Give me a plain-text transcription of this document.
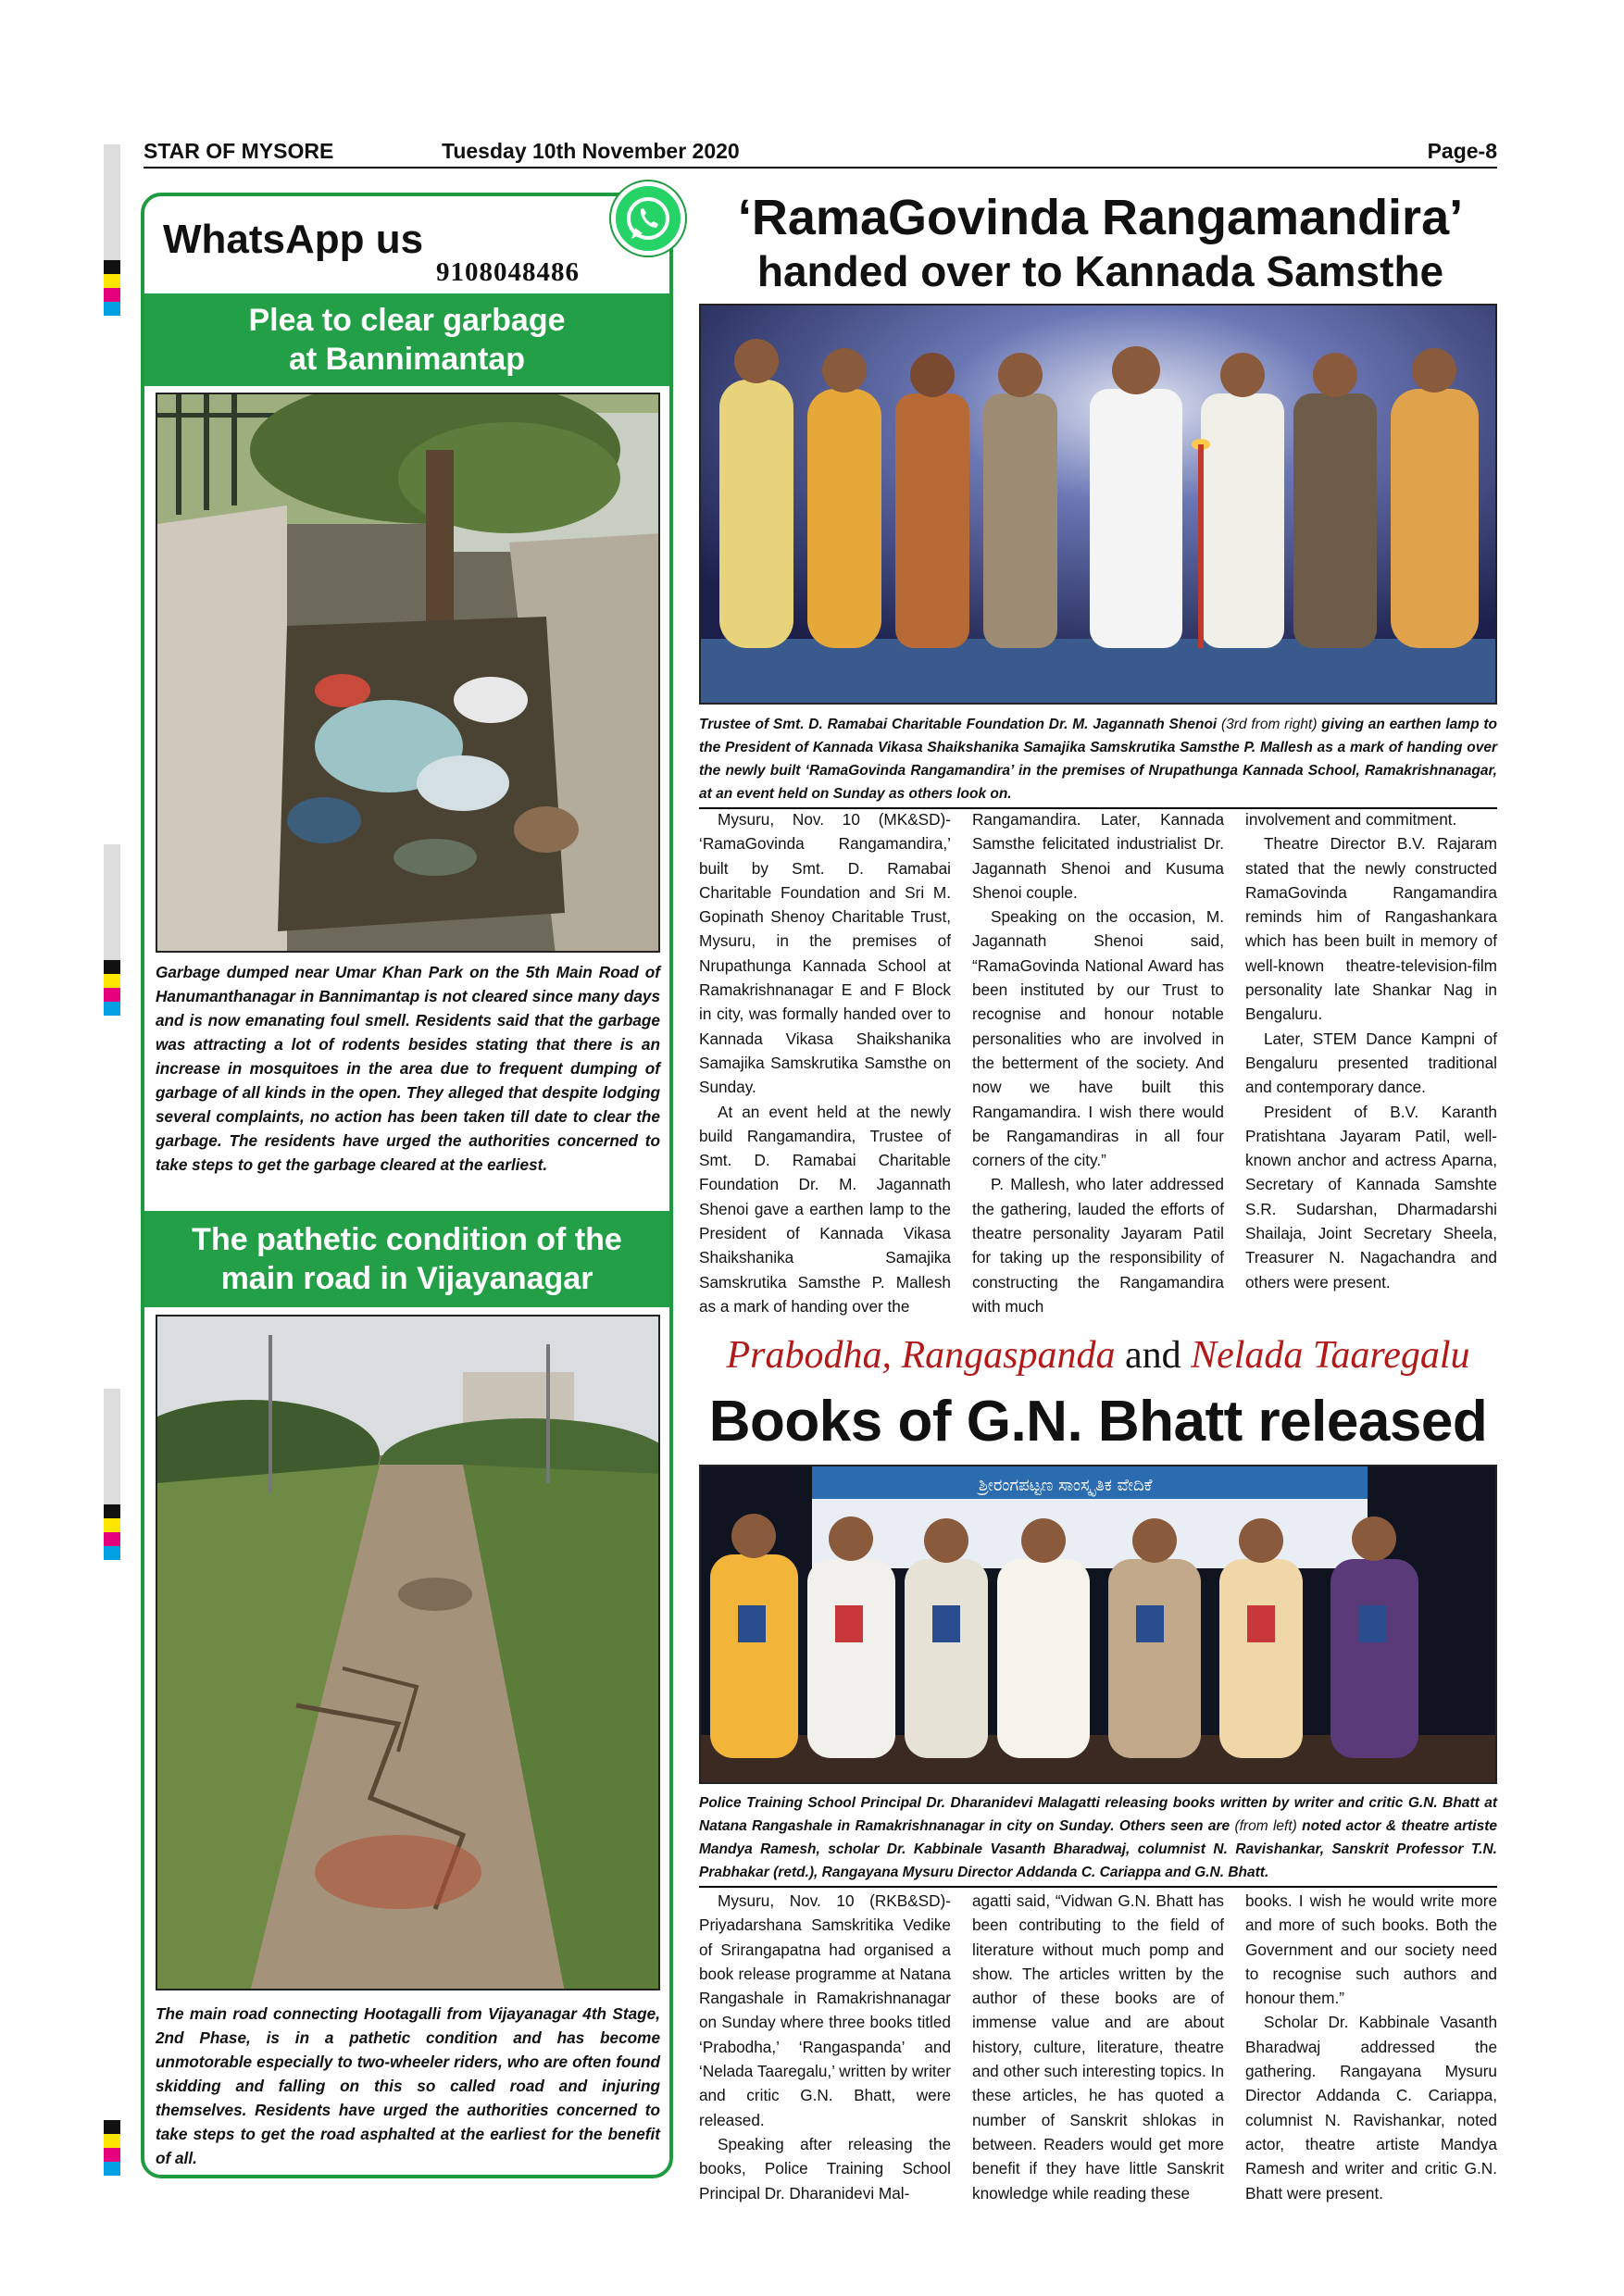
STAR OF MYSORE	Tuesday 10th November 2020	Page-8
WhatsApp us
9108048486
Plea to clear garbage
at Bannimantap
Garbage dumped near Umar Khan Park on the 5th Main Road of Hanumanthanagar in Bannimantap is not cleared since many days and is now emanating foul smell. Residents said that the garbage was attracting a lot of rodents besides stating that there is an increase in mosquitoes in the area due to frequent dumping of garbage of all kinds in the open. They alleged that despite lodging several complaints, no action has been taken till date to clear the garbage. The residents have urged the authorities concerned to take steps to get the garbage cleared at the earliest.
The pathetic condition of the
main road in Vijayanagar
The main road connecting Hootagalli from Vijayanagar 4th Stage, 2nd Phase, is in a pathetic condition and has become unmotorable especially to two-wheeler riders, who are often found skidding and falling on this so called road and injuring themselves. Residents have urged the authorities concerned to take steps to get the road asphalted at the earliest for the benefit of all.
‘RamaGovinda Rangamandira’
handed over to Kannada Samsthe
Trustee of Smt. D. Ramabai Charitable Foundation Dr. M. Jagannath Shenoi (3rd from right) giving an earthen lamp to the President of Kannada Vikasa Shaikshanika Samajika Samskrutika Samsthe P. Mallesh as a mark of handing over the newly built ‘RamaGovinda Rangamandira’ in the premises of Nrupathunga Kannada School, Ramakrishnanagar, at an event held on Sunday as others look on.

Mysuru, Nov. 10 (MK&SD)- ‘RamaGovinda Rangamandira,’ built by Smt. D. Ramabai Charitable Foundation and Sri M. Gopinath Shenoy Charitable Trust, Mysuru, in the premises of Nrupathunga Kannada School at Ramakrishnanagar E and F Block in city, was formally handed over to Kannada Vikasa Shaikshanika Samajika Samskrutika Samsthe on Sunday.

At an event held at the newly build Rangamandira, Trustee of Smt. D. Ramabai Charitable Foundation Dr. M. Jagannath Shenoi gave a earthen lamp to the President of Kannada Vikasa Shaikshanika Samajika Samskrutika Samsthe P. Mallesh as a mark of handing over the

Rangamandira. Later, Kannada Samsthe felicitated industrialist Dr. Jagannath Shenoi and Kusuma Shenoi couple.

Speaking on the occasion, M. Jagannath Shenoi said, “RamaGovinda National Award has been instituted by our Trust to recognise and honour notable personalities who are involved in the betterment of the society. And now we have built this Rangamandira. I wish there would be Rangamandiras in all four corners of the city.”

P. Mallesh, who later addressed the gathering, lauded the efforts of theatre personality Jayaram Patil for taking up the responsibility of constructing the Rangamandira with much

involvement and commitment.

Theatre Director B.V. Rajaram stated that the newly constructed RamaGovinda Rangamandira reminds him of Rangashankara which has been built in memory of well-known theatre-television-film personality late Shankar Nag in Bengaluru.

Later, STEM Dance Kampni of Bengaluru presented traditional and contemporary dance.

President of B.V. Karanth Pratishtana Jayaram Patil, well-known anchor and actress Aparna, Secretary of Kannada Samshte S.R. Sudarshan, Dharmadarshi Shailaja, Joint Secretary Sheela, Treasurer N. Nagachandra and others were present.

Prabodha, Rangaspanda and Nelada Taaregalu
Books of G.N. Bhatt released
ಶ್ರೀರಂಗಪಟ್ಟಣ ಸಾಂಸ್ಕೃತಿಕ ವೇದಿಕೆ
Police Training School Principal Dr. Dharanidevi Malagatti releasing books written by writer and critic G.N. Bhatt at Natana Rangashale in Ramakrishnanagar in city on Sunday. Others seen are (from left) noted actor & theatre artiste Mandya Ramesh, scholar Dr. Kabbinale Vasanth Bharadwaj, columnist N. Ravishankar, Sanskrit Professor T.N. Prabhakar (retd.), Rangayana Mysuru Director Addanda C. Cariappa and G.N. Bhatt.

Mysuru, Nov. 10 (RKB&SD)- Priyadarshana Samskritika Vedike of Srirangapatna had organised a book release programme at Natana Rangashale in Ramakrishnanagar on Sunday where three books titled ‘Prabodha,’ ‘Rangaspanda’ and ‘Nelada Taaregalu,’ written by writer and critic G.N. Bhatt, were released.

Speaking after releasing the books, Police Training School Principal Dr. Dharanidevi Mal-

agatti said, “Vidwan G.N. Bhatt has been contributing to the field of literature without much pomp and show. The articles written by the author of these books are of immense value and are about history, culture, literature, theatre and other such interesting topics. In these articles, he has quoted a number of Sanskrit shlokas in between. Readers would get more benefit if they have little Sanskrit knowledge while reading these

books. I wish he would write more and more of such books. Both the Government and our society need to recognise such authors and honour them.”

Scholar Dr. Kabbinale Vasanth Bharadwaj addressed the gathering. Rangayana Mysuru Director Addanda C. Cariappa, columnist N. Ravishankar, noted actor, theatre artiste Mandya Ramesh and writer and critic G.N. Bhatt were present.
